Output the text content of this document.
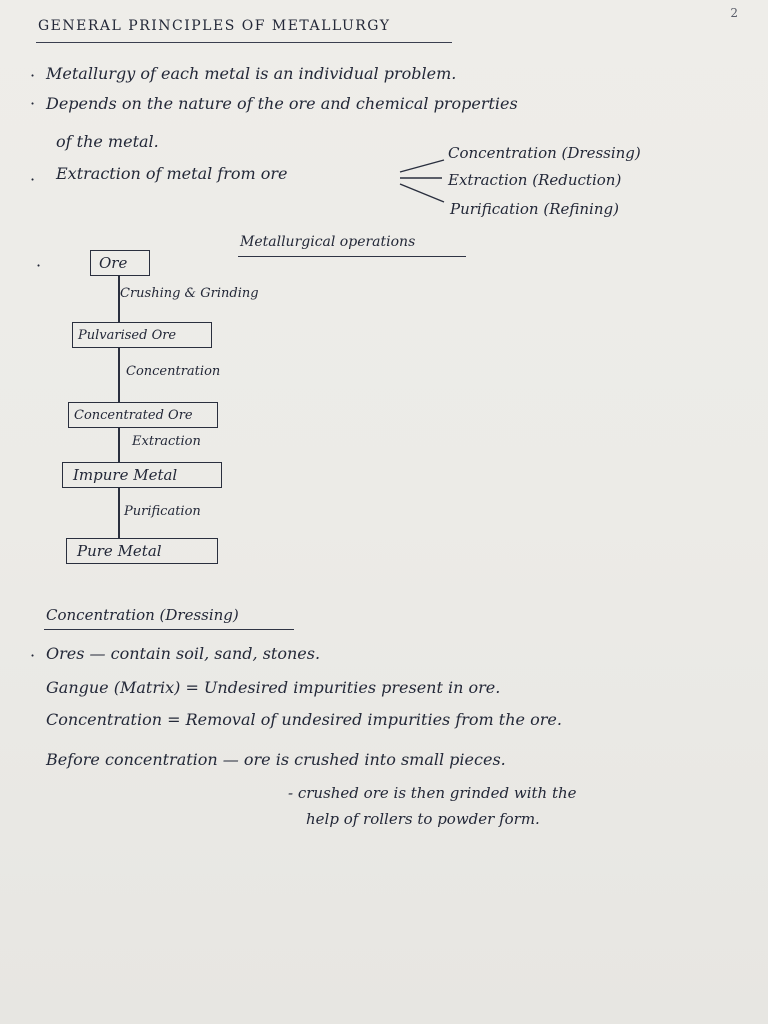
2
GENERAL PRINCIPLES OF METALLURGY
· Metallurgy of each metal is an individual problem.
· Depends on the nature of the ore and chemical properties
of the metal.
· Extraction of metal from ore
Concentration (Dressing)
Extraction (Reduction)
Purification (Refining)
Metallurgical operations
·	Ore
Crushing & Grinding
Pulvarised Ore
Concentration
Concentrated Ore
Extraction
Impure Metal
Purification
Pure Metal
Concentration (Dressing)
· Ores — contain soil, sand, stones.
Gangue (Matrix) = Undesired impurities present in ore.
Concentration = Removal of undesired impurities from the ore.
Before concentration — ore is crushed into small pieces.
- crushed ore is then grinded with the
help of rollers to powder form.
